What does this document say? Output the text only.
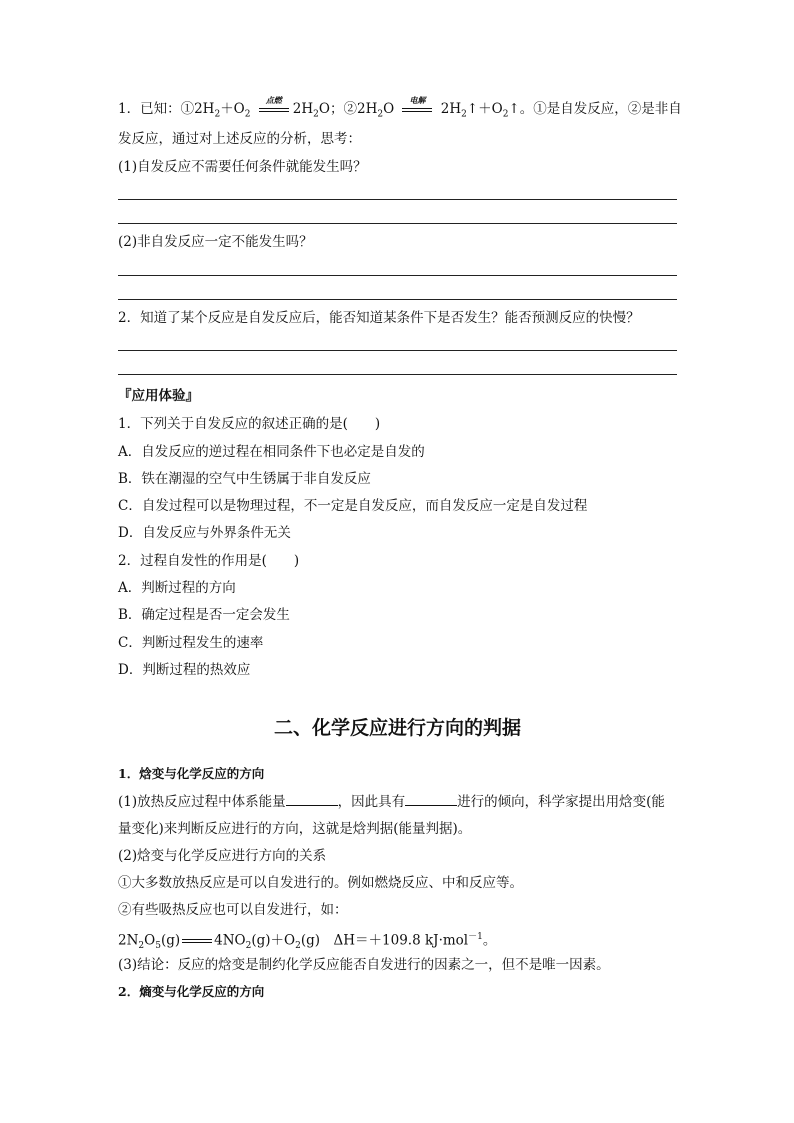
1．已知：$①2H_2+O_2$
点燃
$2H_2O$；$②2H_2O$
电解
$2H_2↑+O_2↑$。①是自发反应，②是非自
发反应，通过对上述反应的分析，思考：
(1)自发反应不需要任何条件就能发生吗？
(2)非自发反应一定不能发生吗？
2．知道了某个反应是自发反应后，能否知道某条件下是否发生？能否预测反应的快慢？
『应用体验』
1．下列关于自发反应的叙述正确的是(　　)
A．自发反应的逆过程在相同条件下也必定是自发的
B．铁在潮湿的空气中生锈属于非自发反应
C．自发过程可以是物理过程，不一定是自发反应，而自发反应一定是自发过程
D．自发反应与外界条件无关
2．过程自发性的作用是(　　)
A．判断过程的方向
B．确定过程是否一定会发生
C．判断过程发生的速率
D．判断过程的热效应
二、化学反应进行方向的判据
1．焓变与化学反应的方向
(1)放热反应过程中体系能量	，因此具有	进行的倾向，科学家提出用焓变(能
量变化)来判断反应进行的方向，这就是焓判据(能量判据)。
(2)焓变与化学反应进行方向的关系
①大多数放热反应是可以自发进行的。例如燃烧反应、中和反应等。
②有些吸热反应也可以自发进行，如：
$2N_2O_5(g)$	$4NO_2(g)+O_2(g)$　ΔH＝＋109.8 kJ·mol$^{-1}$。
(3)结论：反应的焓变是制约化学反应能否自发进行的因素之一，但不是唯一因素。
2．熵变与化学反应的方向
